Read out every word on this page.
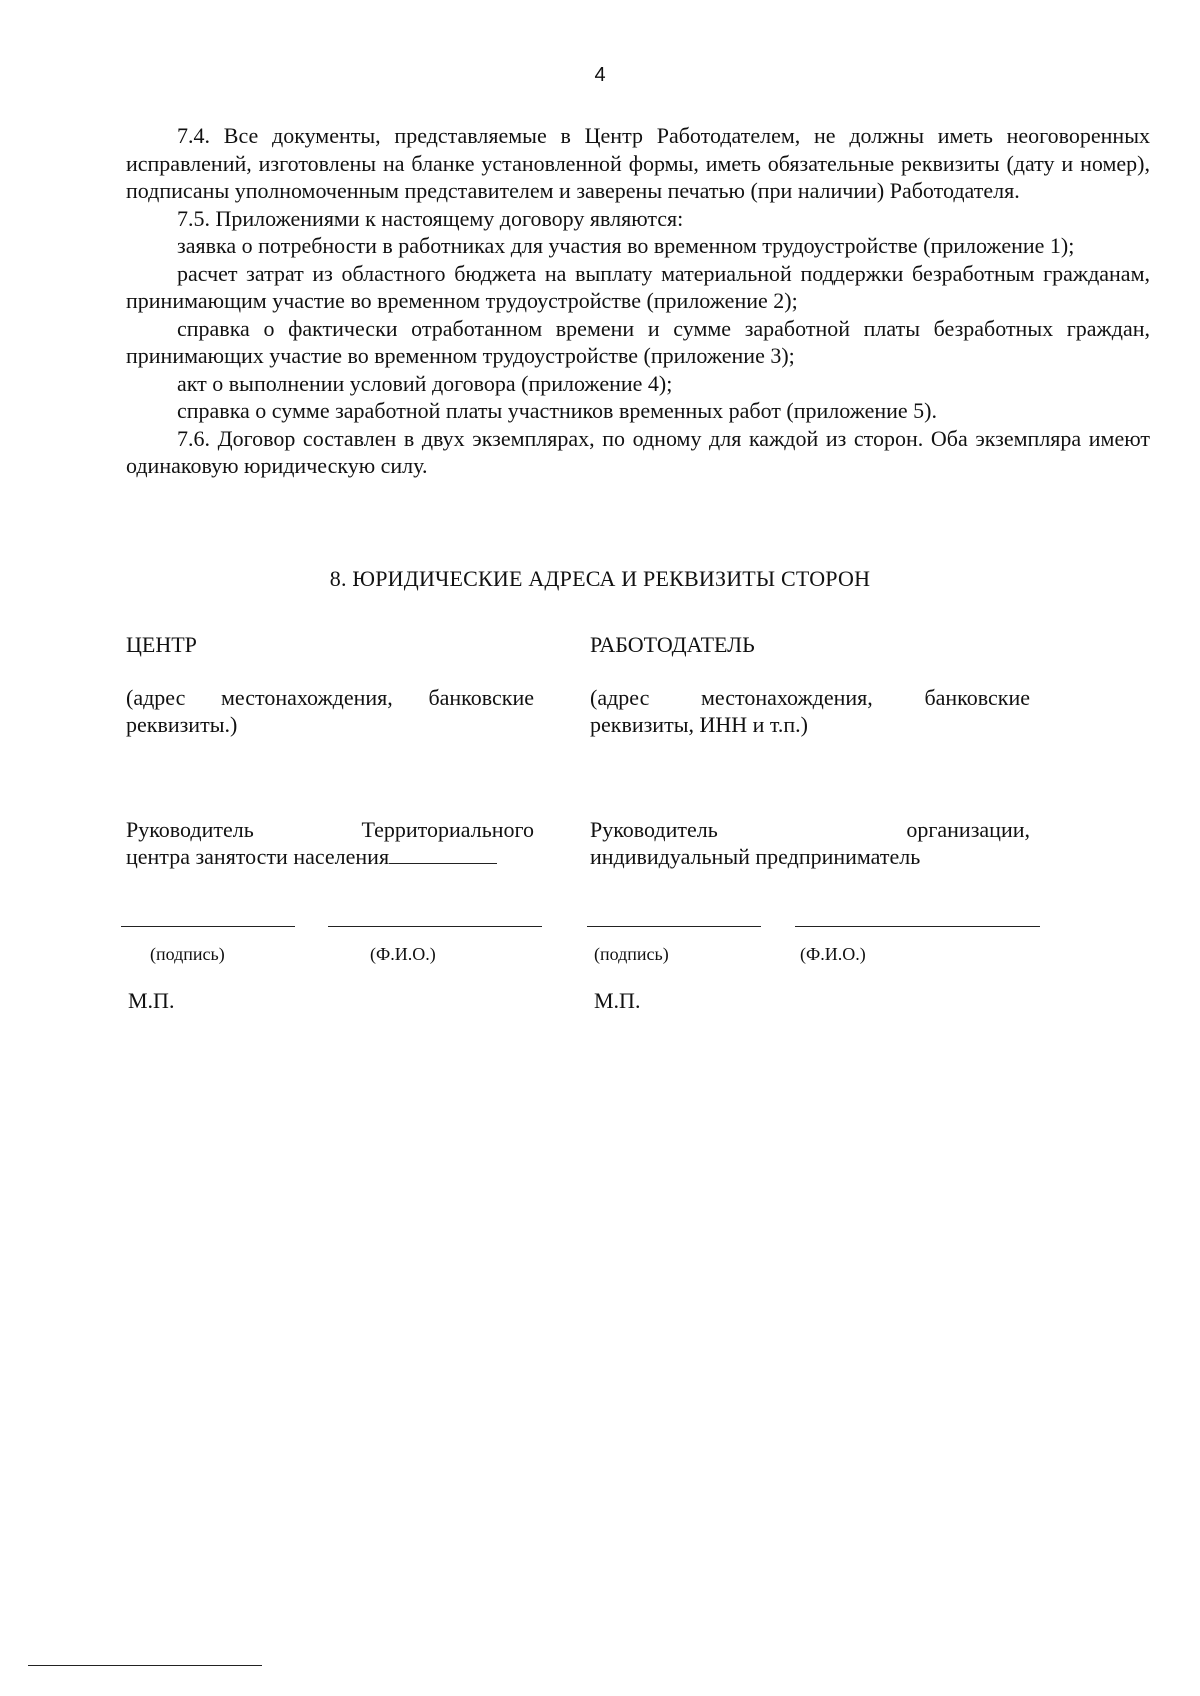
4

7.4. Все документы, представляемые в Центр Работодателем, не должны иметь неоговоренных исправлений, изготовлены на бланке установленной формы, иметь обязательные реквизиты (дату и номер), подписаны уполномоченным представителем и заверены печатью (при наличии) Работодателя.

7.5. Приложениями к настоящему договору являются:

заявка о потребности в работниках для участия во временном трудоустройстве (приложение 1);

расчет затрат из областного бюджета на выплату материальной поддержки безработным гражданам, принимающим участие во временном трудоустройстве (приложение 2);

справка о фактически отработанном времени и сумме заработной платы безработных граждан, принимающих участие во временном трудоустройстве (приложение 3);

акт о выполнении условий договора (приложение 4);

справка о сумме заработной платы участников временных работ (приложение 5).

7.6. Договор составлен в двух экземплярах, по одному для каждой из сторон. Оба экземпляра имеют одинаковую юридическую силу.

8. ЮРИДИЧЕСКИЕ АДРЕСА И РЕКВИЗИТЫ СТОРОН
ЦЕНТР
(адрес местонахождения, банковские реквизиты.)
Руководитель	Территориального
центра занятости населения
(подпись)	(Ф.И.О.)
М.П.
РАБОТОДАТЕЛЬ
(адрес местонахождения, банковские реквизиты, ИНН и т.п.)
Руководитель	организации,
индивидуальный предприниматель
(подпись)	(Ф.И.О.)
М.П.
